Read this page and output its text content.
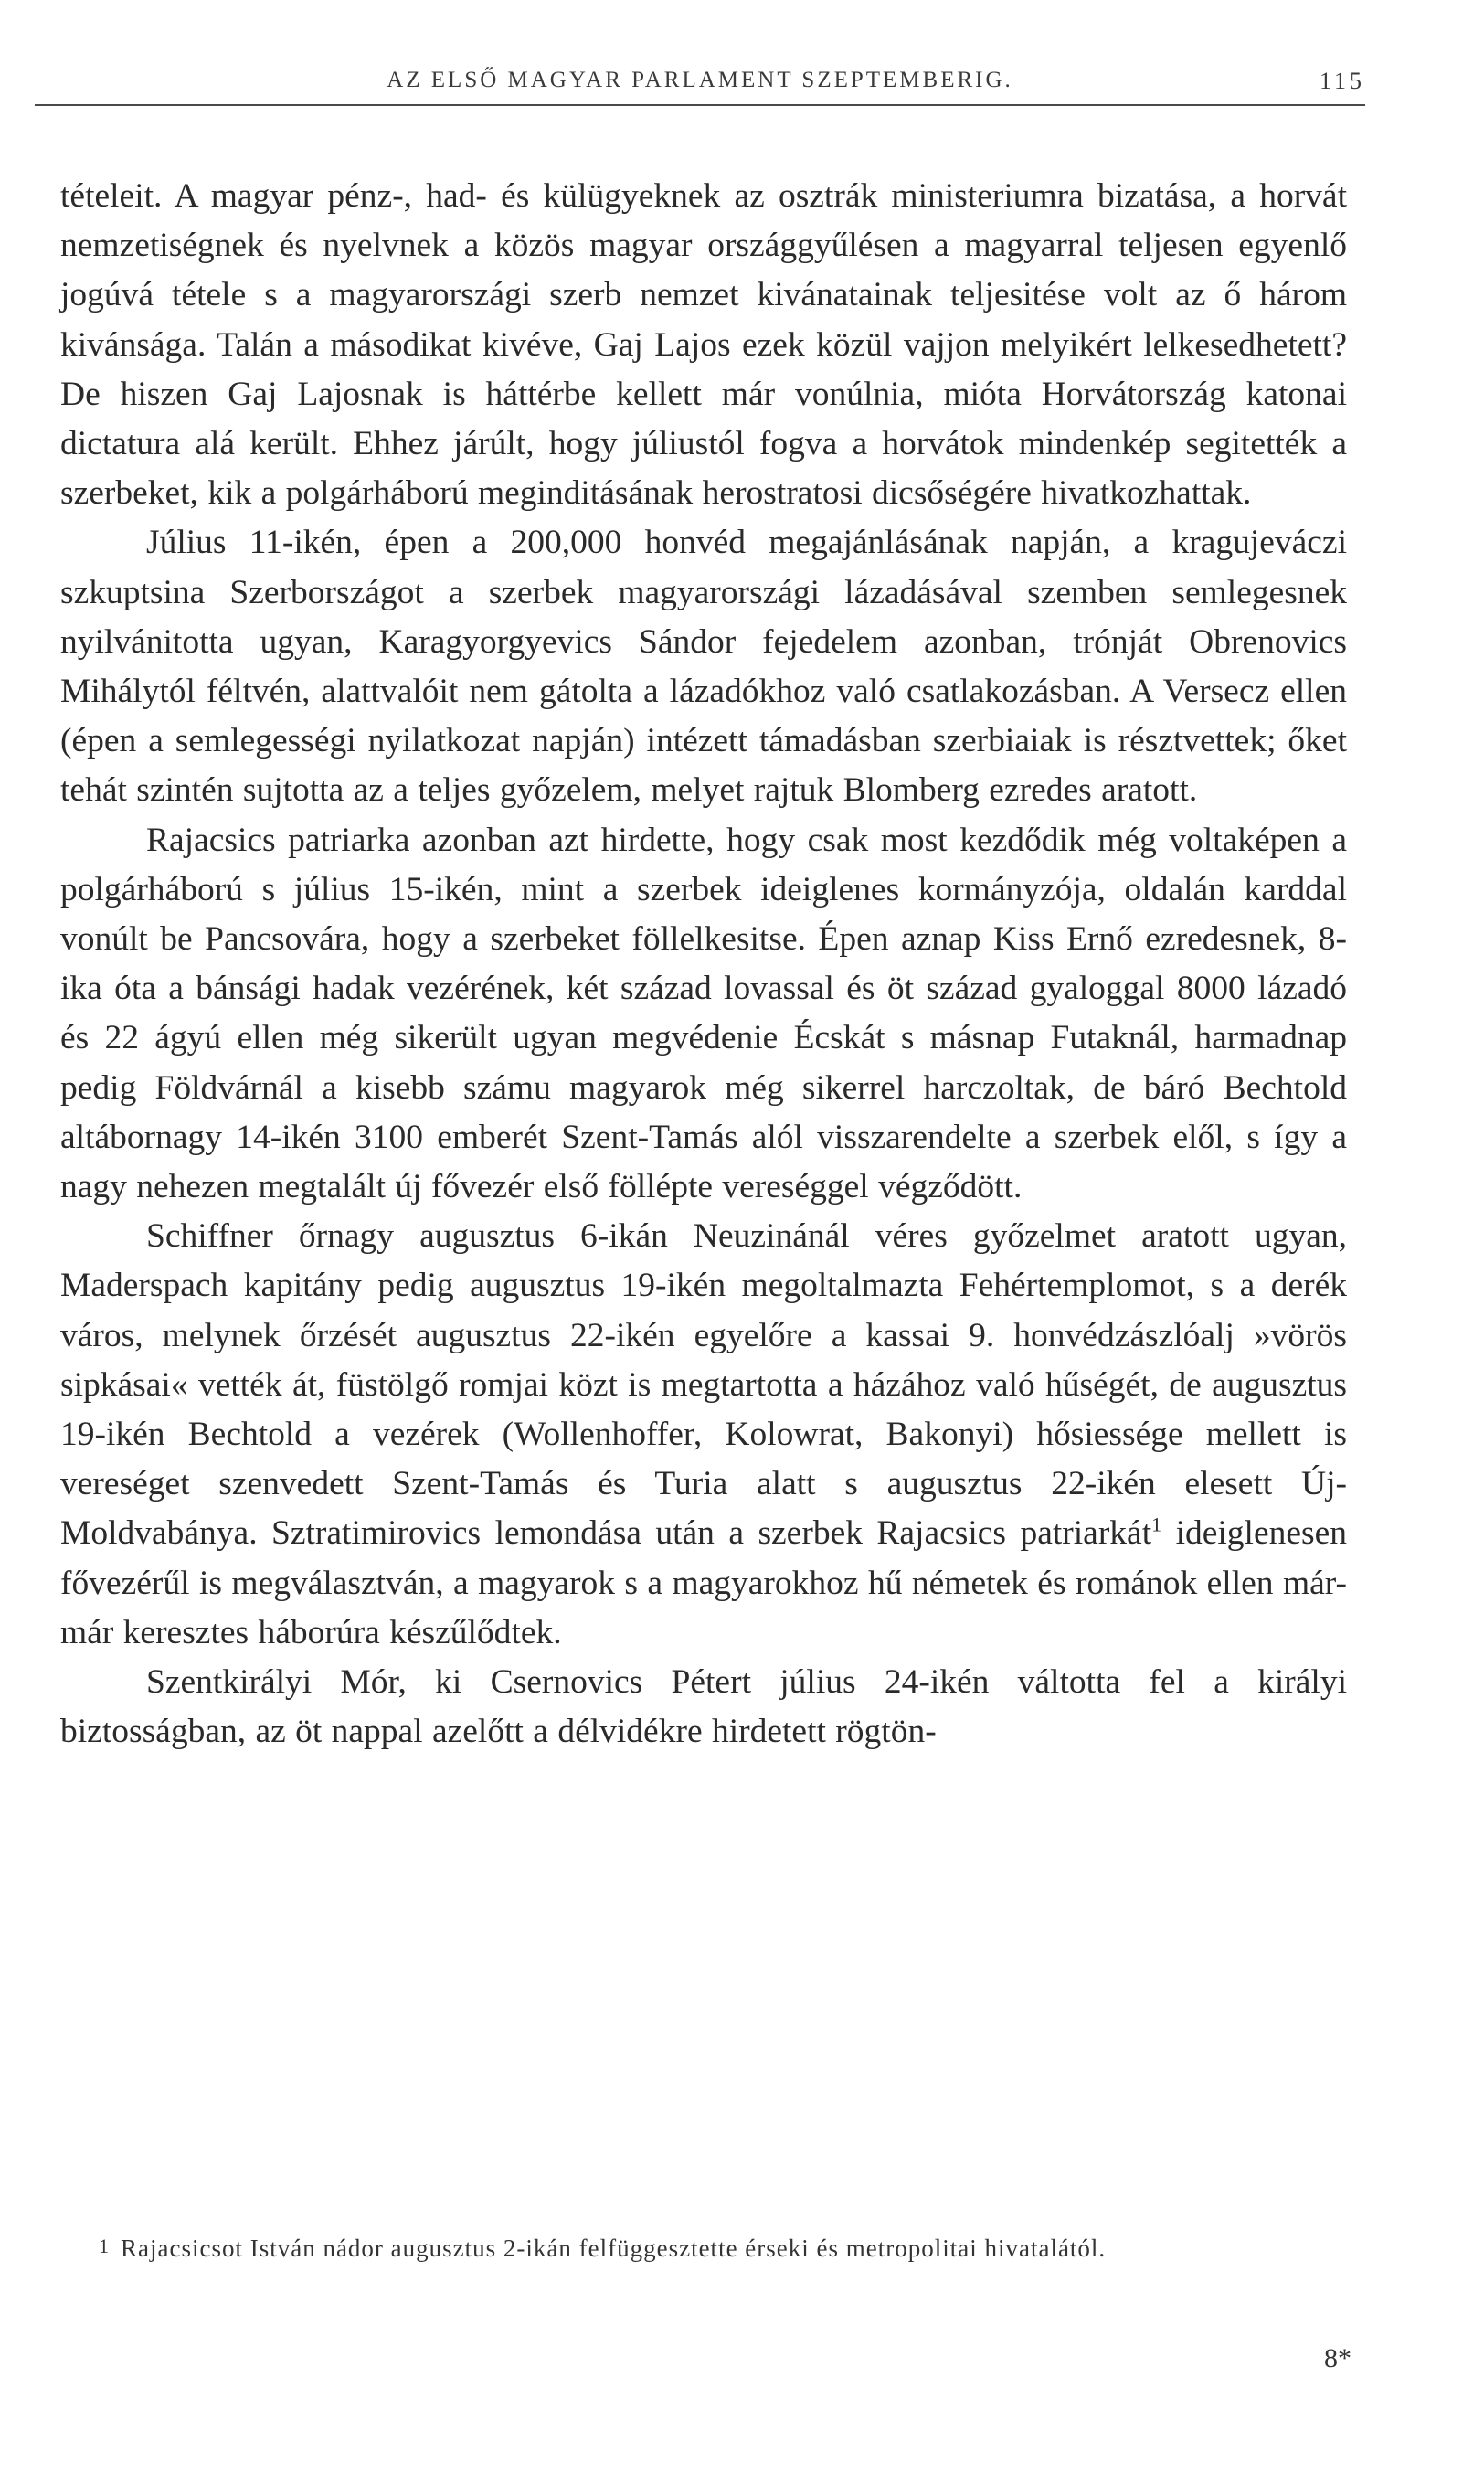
AZ ELSŐ MAGYAR PARLAMENT SZEPTEMBERIG.	115

tételeit. A magyar pénz-, had- és külügyeknek az osztrák ministeriumra bizatása, a horvát nemzetiségnek és nyelvnek a közös magyar országgyűlésen a magyarral teljesen egyenlő jogúvá tétele s a magyarországi szerb nemzet kivánatainak teljesitése volt az ő három kivánsága. Talán a másodikat kivéve, Gaj Lajos ezek közül vajjon melyikért lelkesedhetett? De hiszen Gaj Lajosnak is háttérbe kellett már vonúlnia, mióta Horvátország katonai dictatura alá került. Ehhez járúlt, hogy júliustól fogva a horvátok mindenkép segitették a szerbeket, kik a polgárháború meginditásának herostratosi dicsőségére hivatkozhattak.

Július 11-ikén, épen a 200,000 honvéd megajánlásának napján, a kragujeváczi szkuptsina Szerbországot a szerbek magyarországi lázadásával szemben semlegesnek nyilvánitotta ugyan, Karagyorgyevics Sándor fejedelem azonban, trónját Obrenovics Mihálytól féltvén, alattvalóit nem gátolta a lázadókhoz való csatlakozásban. A Versecz ellen (épen a semlegességi nyilatkozat napján) intézett támadásban szerbiaiak is résztvettek; őket tehát szintén sujtotta az a teljes győzelem, melyet rajtuk Blomberg ezredes aratott.

Rajacsics patriarka azonban azt hirdette, hogy csak most kezdődik még voltaképen a polgárháború s július 15-ikén, mint a szerbek ideiglenes kormányzója, oldalán karddal vonúlt be Pancsovára, hogy a szerbeket föllelkesitse. Épen aznap Kiss Ernő ezredesnek, 8-ika óta a bánsági hadak vezérének, két század lovassal és öt század gyaloggal 8000 lázadó és 22 ágyú ellen még sikerült ugyan megvédenie Écskát s másnap Futaknál, harmadnap pedig Földvárnál a kisebb számu magyarok még sikerrel harczoltak, de báró Bechtold altábornagy 14-ikén 3100 emberét Szent-Tamás alól visszarendelte a szerbek elől, s így a nagy nehezen megtalált új fővezér első föllépte vereséggel végződött.

Schiffner őrnagy augusztus 6-ikán Neuzinánál véres győzelmet aratott ugyan, Maderspach kapitány pedig augusztus 19-ikén megoltalmazta Fehértemplomot, s a derék város, melynek őrzését augusztus 22-ikén egyelőre a kassai 9. honvédzászlóalj »vörös sipkásai« vették át, füstölgő romjai közt is megtartotta a házához való hűségét, de augusztus 19-ikén Bechtold a vezérek (Wollenhoffer, Kolowrat, Bakonyi) hősiessége mellett is vereséget szenvedett Szent-Tamás és Turia alatt s augusztus 22-ikén elesett Új-Moldvabánya. Sztratimirovics lemondása után a szerbek Rajacsics patriarkát$^1$ ideiglenesen fővezérűl is megválasztván, a magyarok s a magyarokhoz hű németek és románok ellen már-már keresztes háborúra készűlődtek.

Szentkirályi Mór, ki Csernovics Pétert július 24-ikén váltotta fel a királyi biztosságban, az öt nappal azelőtt a délvidékre hirdetett rögtön-

1 Rajacsicsot István nádor augusztus 2-ikán felfüggesztette érseki és metropolitai hivatalától.
8*
